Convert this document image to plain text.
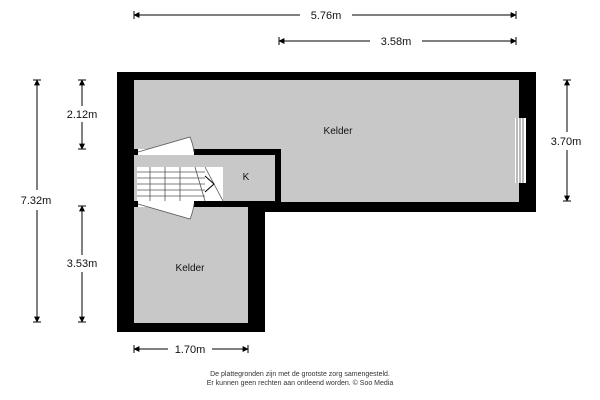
Kelder
Kelder
K
5.76m
3.58m
7.32m
2.12m
3.53m
3.70m
1.70m
De plattegronden zijn met de grootste zorg samengesteld.
Er kunnen geen rechten aan ontleend worden. © Soo Media
